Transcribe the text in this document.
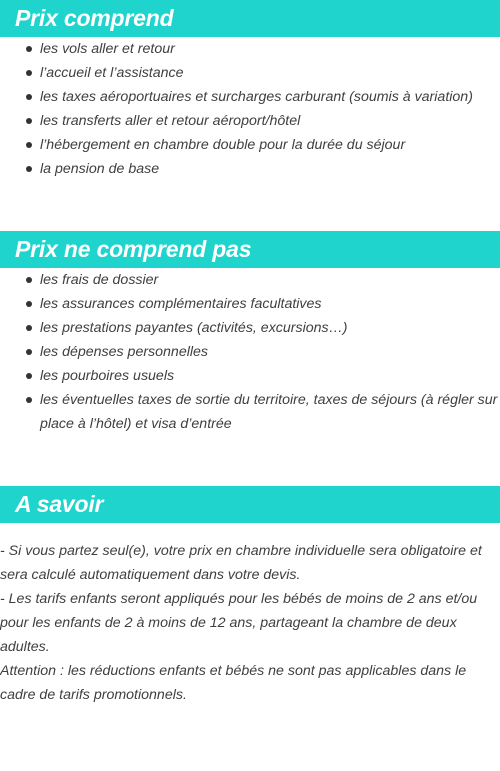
Prix comprend
les vols aller et retour
l’accueil et l’assistance
les taxes aéroportuaires et surcharges carburant (soumis à variation)
les transferts aller et retour aéroport/hôtel
l’hébergement en chambre double pour la durée du séjour
la pension de base
Prix ne comprend pas
les frais de dossier
les assurances complémentaires facultatives
les prestations payantes (activités, excursions…)
les dépenses personnelles
les pourboires usuels
les éventuelles taxes de sortie du territoire, taxes de séjours (à régler sur place à l’hôtel) et visa d’entrée
A savoir

- Si vous partez seul(e), votre prix en chambre individuelle sera obligatoire et sera calculé automatiquement dans votre devis.

- Les tarifs enfants seront appliqués pour les bébés de moins de 2 ans et/ou pour les enfants de 2 à moins de 12 ans, partageant la chambre de deux adultes.

Attention : les réductions enfants et bébés ne sont pas applicables dans le cadre de tarifs promotionnels.
